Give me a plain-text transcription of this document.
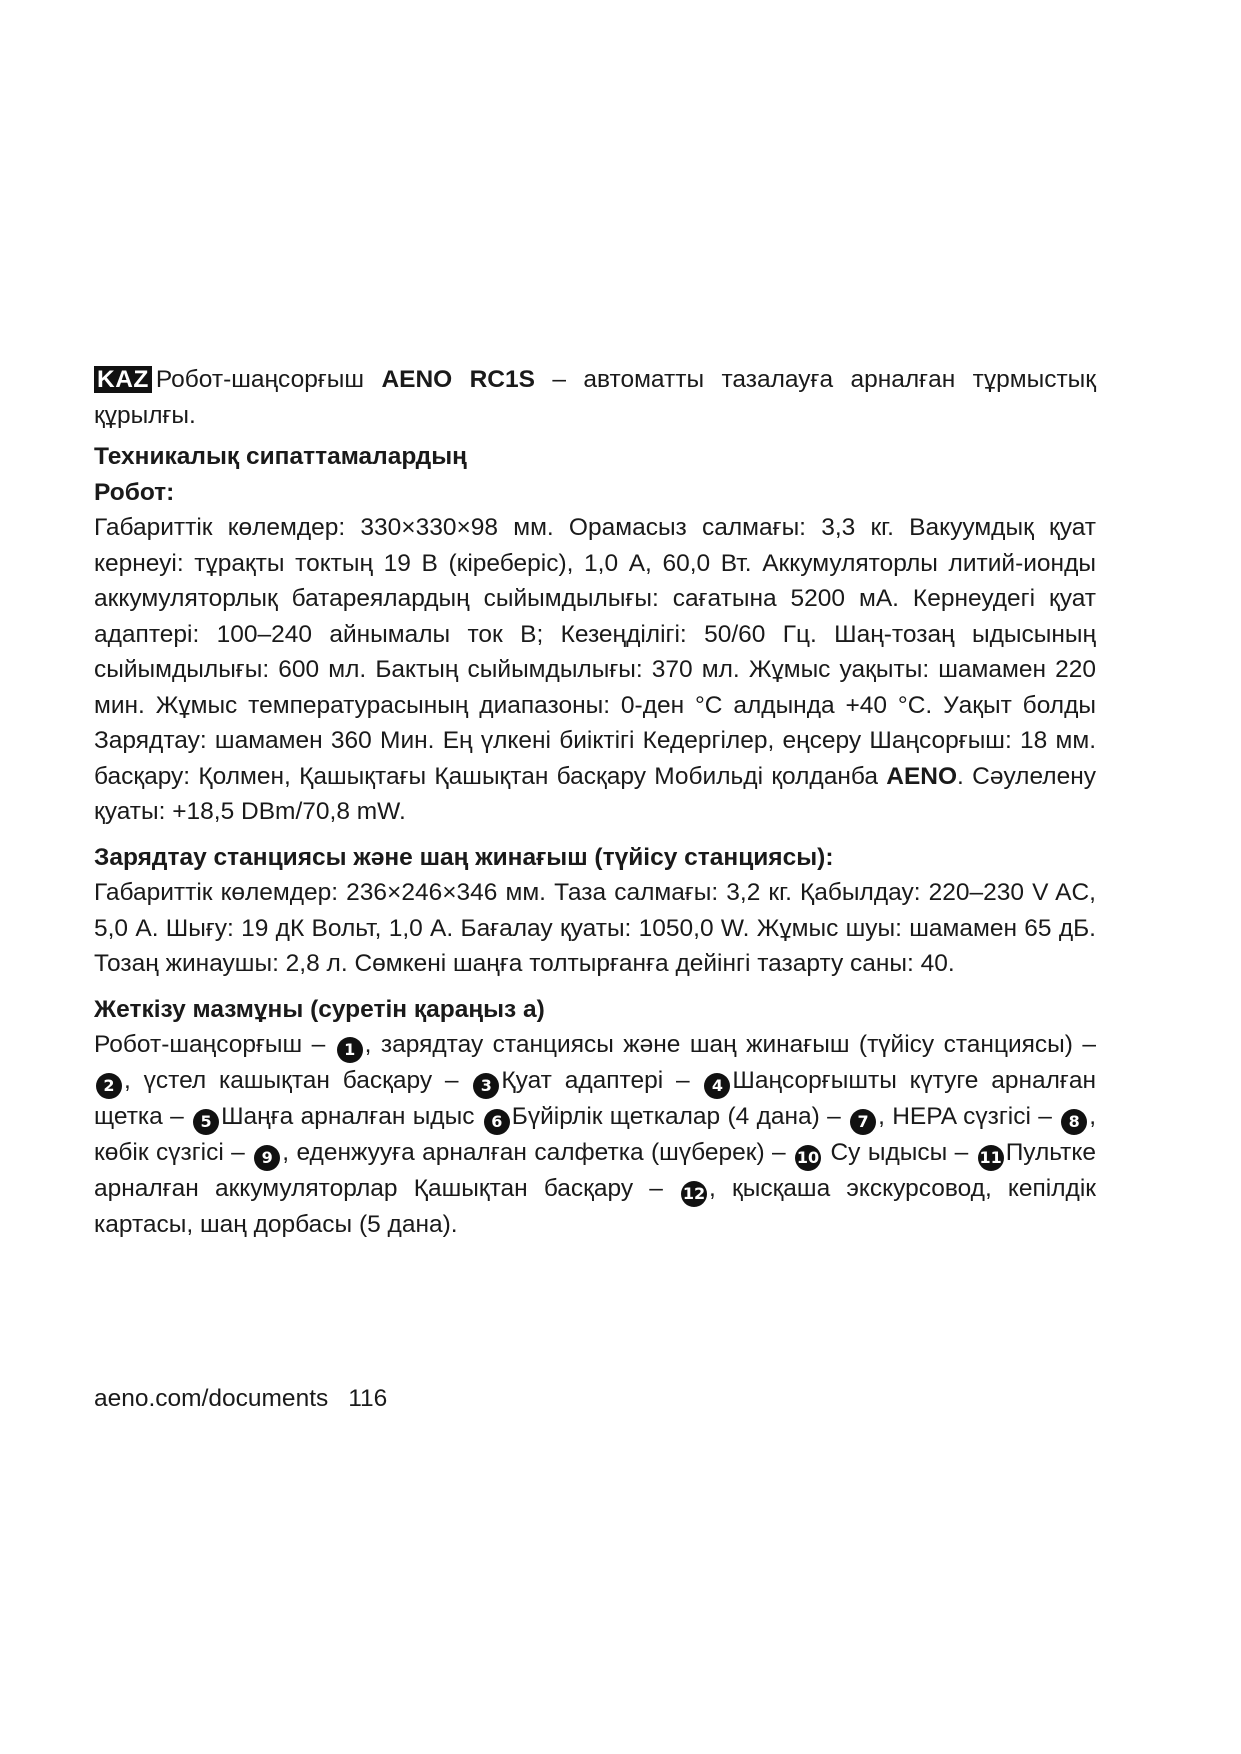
KAZ Робот-шаңсорғыш AENO RC1S – автоматты тазалауға арналған тұрмыстық құрылғы.

Техникалық сипаттамалардың
Робот:

Габариттік көлемдер: 330×330×98 мм. Орамасыз салмағы: 3,3 кг. Вакуумдық қуат кернеуі: тұрақты токтың 19 В (кіреберіс), 1,0 А, 60,0 Вт. Аккумуляторлы литий-ионды аккумуляторлық батареялардың сыйымдылығы: сағатына 5200 мА. Кернеудегі қуат адаптері: 100–240 айнымалы ток В; Кезеңділігі: 50/60 Гц. Шаң-тозаң ыдысының сыйымдылығы: 600 мл. Бактың сыйымдылығы: 370 мл. Жұмыс уақыты: шамамен 220 мин. Жұмыс температурасының диапазоны: 0-ден °C алдында +40 °C. Уақыт болды Зарядтау: шамамен 360 Мин. Ең үлкені биіктігі Кедергілер, еңсеру Шаңсорғыш: 18 мм. басқару: Қолмен, Қашықтағы Қашықтан басқару Мобильді қолданба AENO. Сәулелену қуаты: +18,5 DBm/70,8 mW.

Зарядтау станциясы және шаң жинағыш (түйісу станциясы):

Габариттік көлемдер: 236×246×346 мм. Таза салмағы: 3,2 кг. Қабылдау: 220–230 V AC, 5,0 А. Шығу: 19 дК Вольт, 1,0 А. Бағалау қуаты: 1050,0 W. Жұмыс шуы: шамамен 65 дБ. Тозаң жинаушы: 2,8 л. Сөмкені шаңға толтырғанға дейінгі тазарту саны: 40.

Жеткізу мазмұны (суретін қараңыз а)

Робот-шаңсорғыш – 1 , зарядтау станциясы және шаң жинағыш (түйісу станциясы) – 2 , үстел кашықтан басқару – 3 Қуат адаптері – 4 Шаңсорғышты күтуге арналған щетка – 5 Шаңға арналған ыдыс 6 Бүйірлік щеткалар (4 дана) – 7 , HEPA сүзгісі – 8 , көбік сүзгісі – 9 , еденжууға арналған салфетка (шүберек) – 10 Су ыдысы – 11 Пультке арналған аккумуляторлар Қашықтан басқару – 12 , қысқаша экскурсовод, кепілдік картасы, шаң дорбасы (5 дана).

aeno.com/documents 116
